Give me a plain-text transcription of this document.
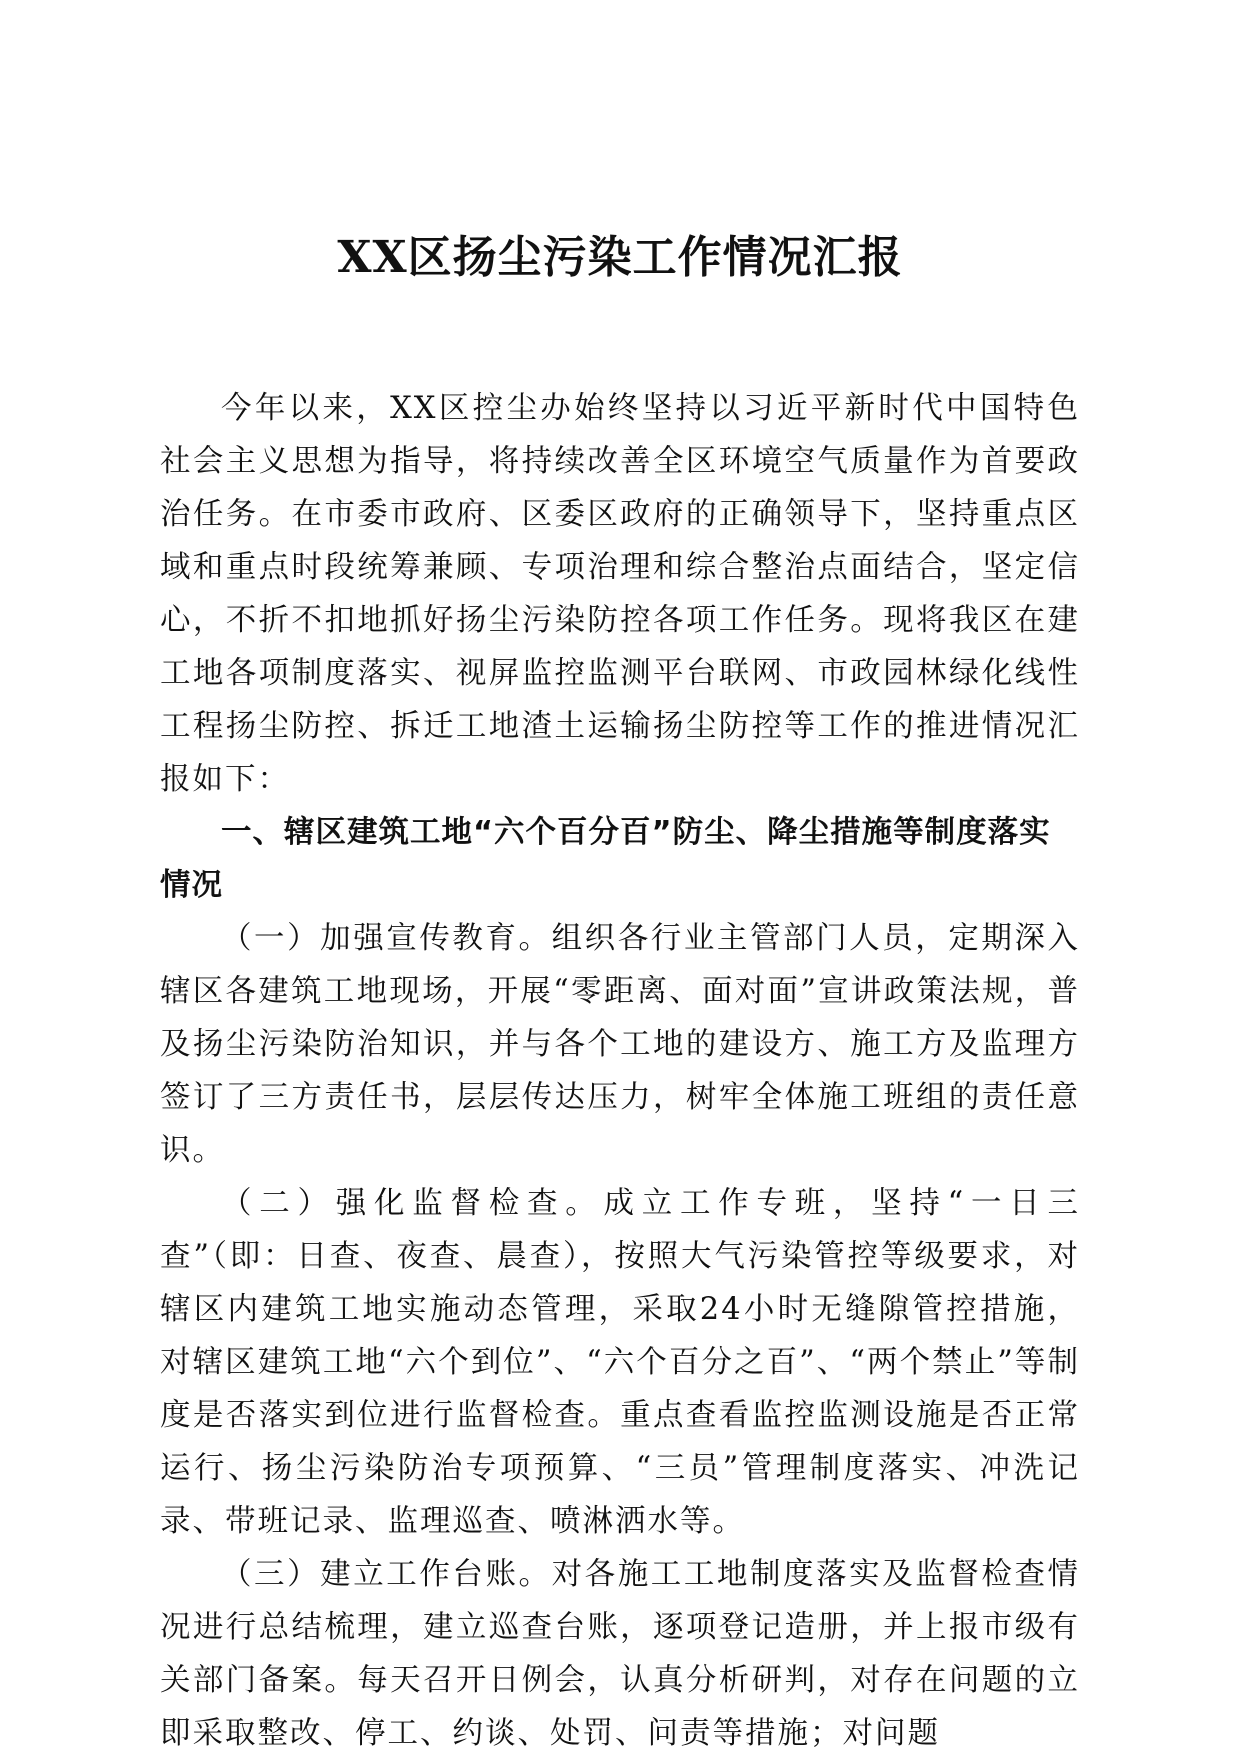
XX区扬尘污染工作情况汇报

今年以来，XX区控尘办始终坚持以习近平新时代中国特色社会主义思想为指导，将持续改善全区环境空气质量作为首要政治任务。在市委市政府、区委区政府的正确领导下，坚持重点区域和重点时段统筹兼顾、专项治理和综合整治点面结合，坚定信心，不折不扣地抓好扬尘污染防控各项工作任务。现将我区在建工地各项制度落实、视屏监控监测平台联网、市政园林绿化线性工程扬尘防控、拆迁工地渣土运输扬尘防控等工作的推进情况汇报如下：

一、辖区建筑工地“六个百分百”防尘、降尘措施等制度落实情况

（一）加强宣传教育。组织各行业主管部门人员，定期深入辖区各建筑工地现场，开展“零距离、面对面”宣讲政策法规，普及扬尘污染防治知识，并与各个工地的建设方、施工方及监理方签订了三方责任书，层层传达压力，树牢全体施工班组的责任意识。

（二）强化监督检查。成立工作专班，坚持“一日三查”（即：日查、夜查、晨查），按照大气污染管控等级要求，对辖区内建筑工地实施动态管理，采取24小时无缝隙管控措施，对辖区建筑工地“六个到位”、“六个百分之百”、“两个禁止”等制度是否落实到位进行监督检查。重点查看监控监测设施是否正常运行、扬尘污染防治专项预算、“三员”管理制度落实、冲洗记录、带班记录、监理巡查、喷淋洒水等。

（三）建立工作台账。对各施工工地制度落实及监督检查情况进行总结梳理，建立巡查台账，逐项登记造册，并上报市级有关部门备案。每天召开日例会，认真分析研判，对存在问题的立即采取整改、停工、约谈、处罚、问责等措施；对问题
